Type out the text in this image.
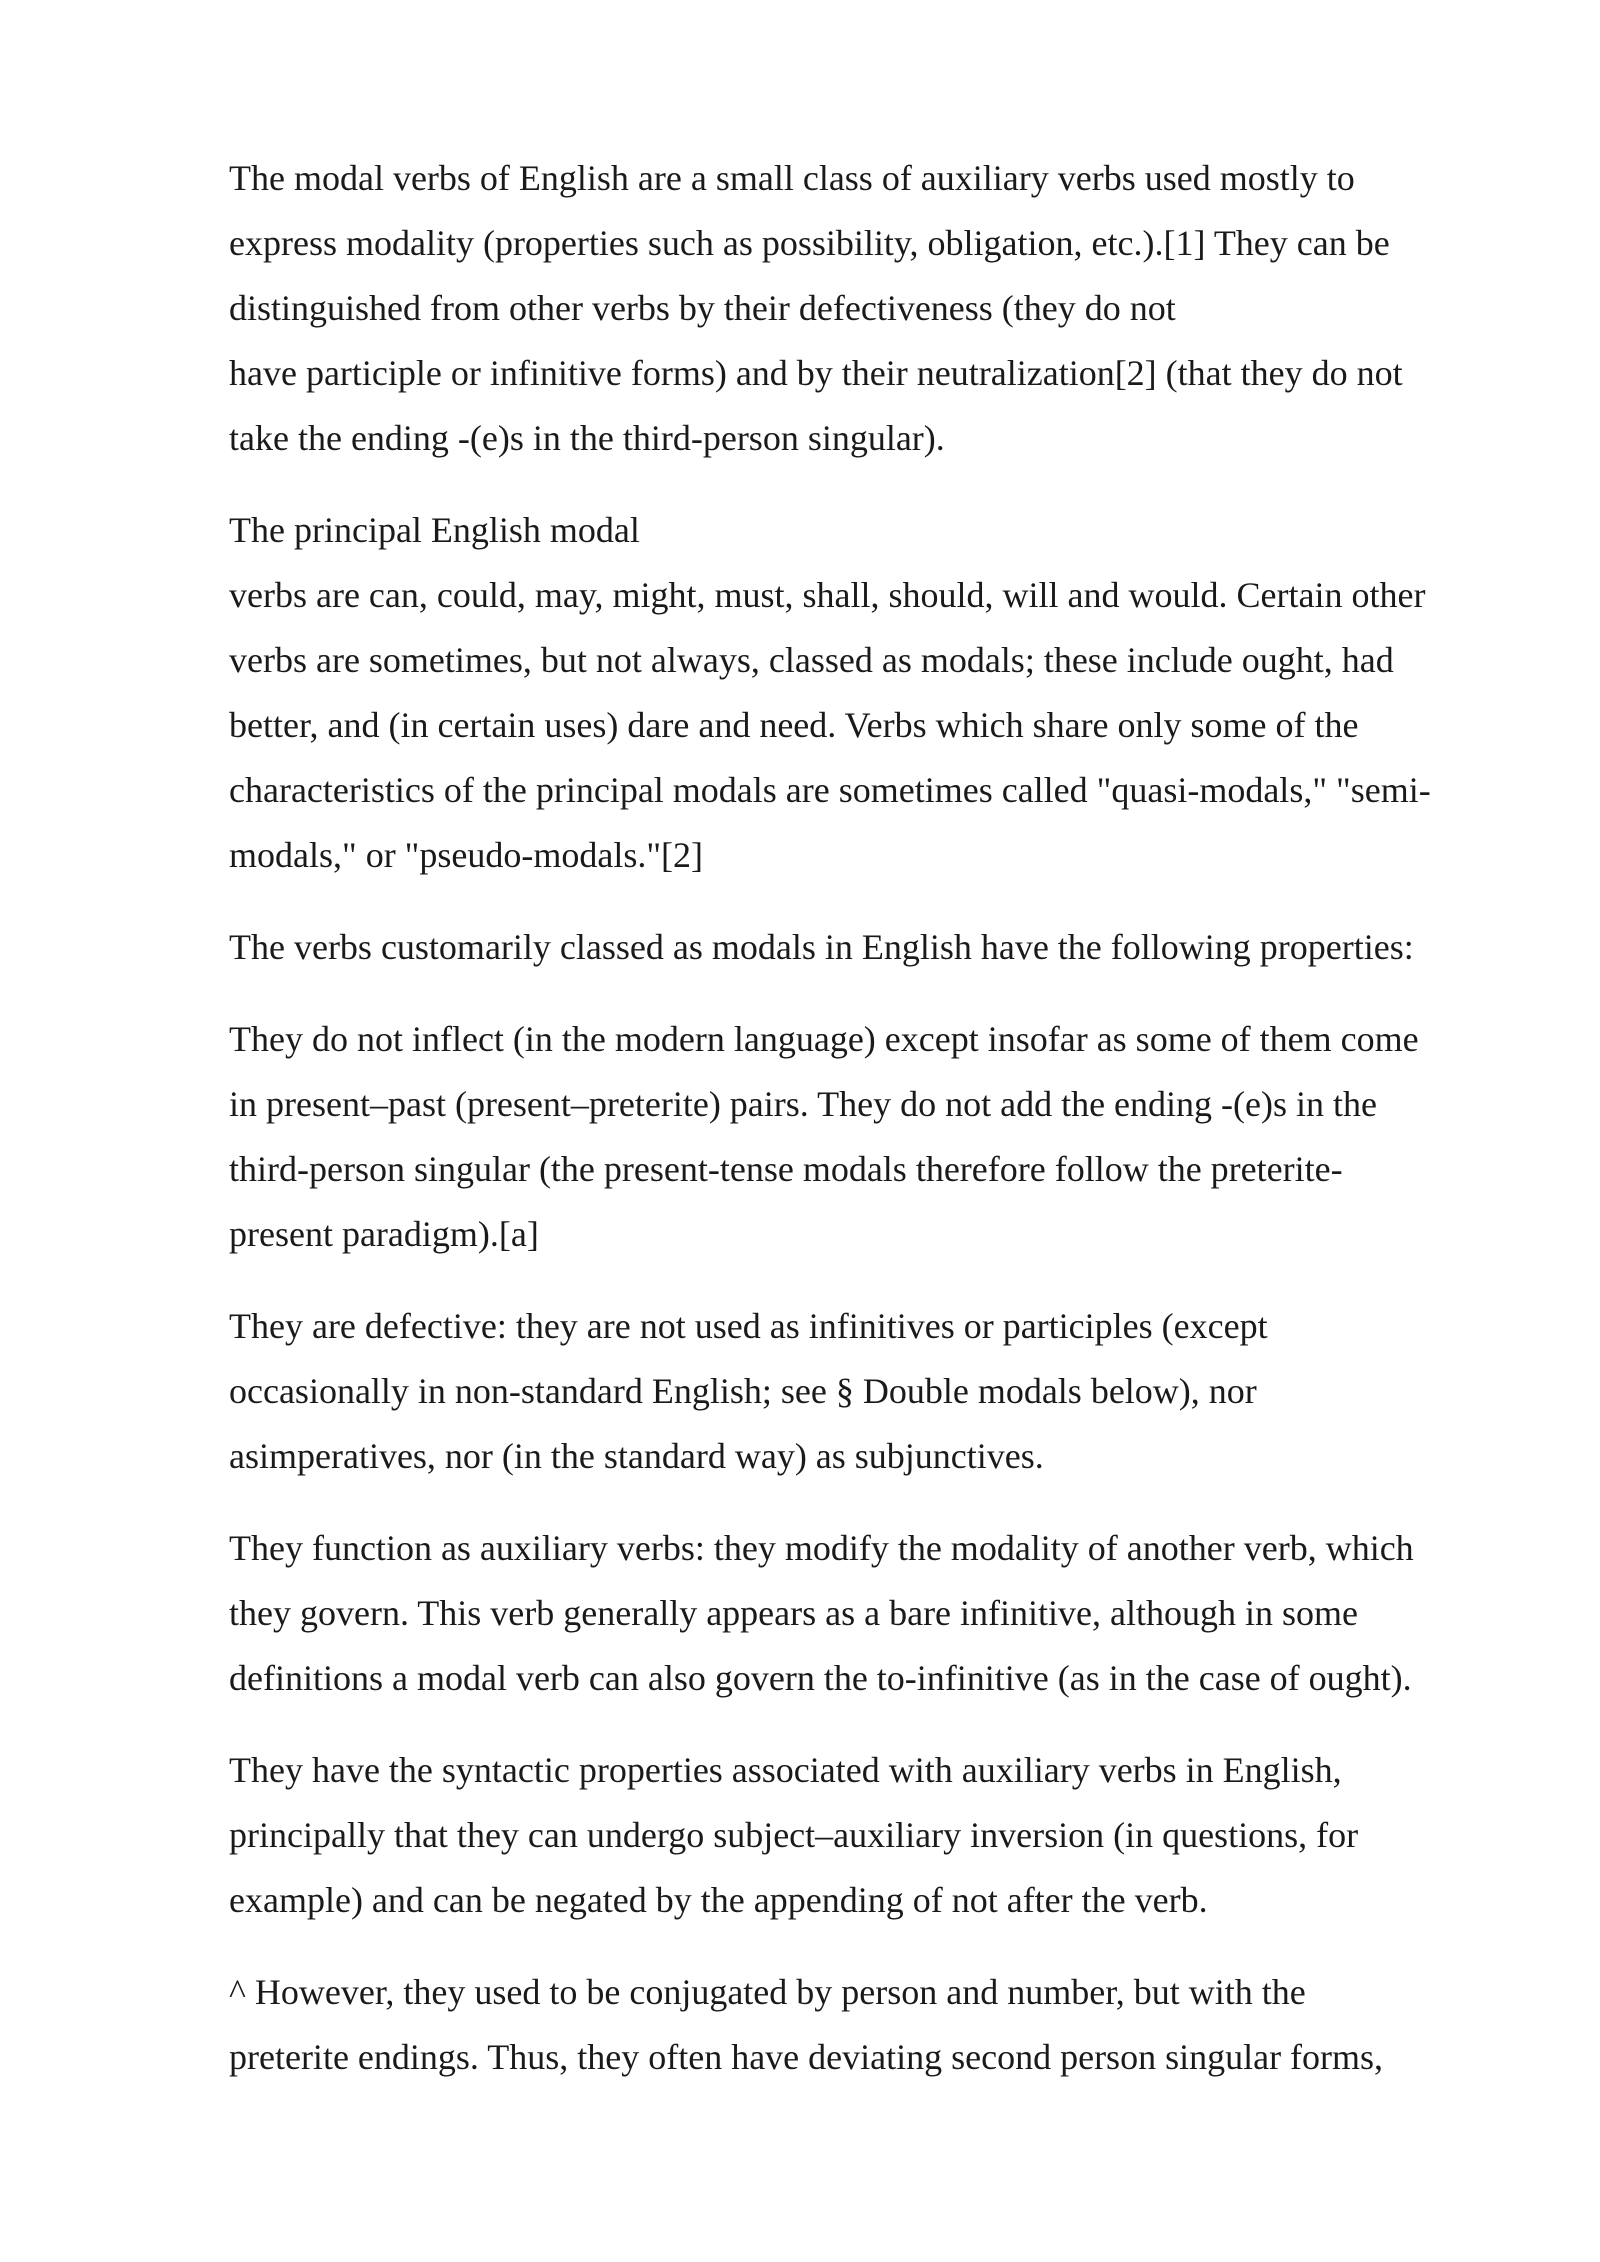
The modal verbs of English are a small class of auxiliary verbs used mostly to
express modality (properties such as possibility, obligation, etc.).[1] They can be
distinguished from other verbs by their defectiveness (they do not
have participle or infinitive forms) and by their neutralization[2] (that they do not
take the ending -(e)s in the third-person singular).

The principal English modal
verbs are can, could, may, might, must, shall, should, will and would. Certain other
verbs are sometimes, but not always, classed as modals; these include ought, had
better, and (in certain uses) dare and need. Verbs which share only some of the
characteristics of the principal modals are sometimes called "quasi-modals," "semi-
modals," or "pseudo-modals."[2]

The verbs customarily classed as modals in English have the following properties:

They do not inflect (in the modern language) except insofar as some of them come
in present–past (present–preterite) pairs. They do not add the ending -(e)s in the
third-person singular (the present-tense modals therefore follow the preterite-
present paradigm).[a]

They are defective: they are not used as infinitives or participles (except
occasionally in non-standard English; see § Double modals below), nor
asimperatives, nor (in the standard way) as subjunctives.

They function as auxiliary verbs: they modify the modality of another verb, which
they govern. This verb generally appears as a bare infinitive, although in some
definitions a modal verb can also govern the to-infinitive (as in the case of ought).

They have the syntactic properties associated with auxiliary verbs in English,
principally that they can undergo subject–auxiliary inversion (in questions, for
example) and can be negated by the appending of not after the verb.

^ However, they used to be conjugated by person and number, but with the
preterite endings. Thus, they often have deviating second person singular forms,
